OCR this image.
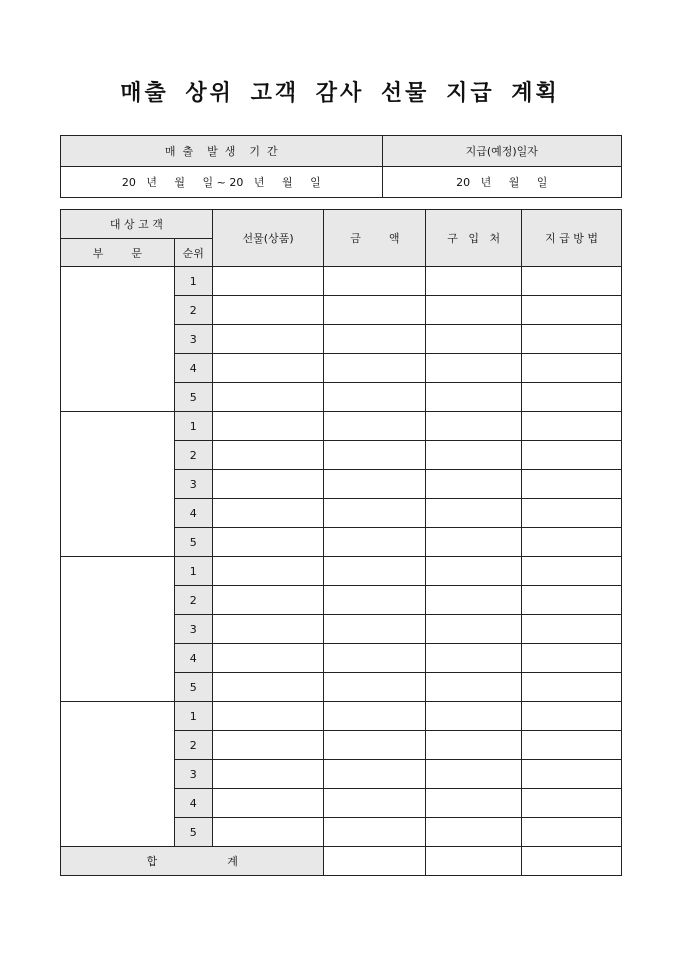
매출 상위 고객 감사 선물 지급 계획
매  출    발  생    기  간	지급(예정)일자
20   년     월     일 ~ 20   년     월     일	20   년     월     일
대 상 고 객		선물(상품)	금        액	구   입   처	지 급 방 법
부        문	순위				
	1				
	2				
	3				
	4				
	5				
	1				
	2				
	3				
	4				
	5				
	1				
	2				
	3				
	4				
	5				
	1				
	2				
	3				
	4				
	5				
합                    계					
